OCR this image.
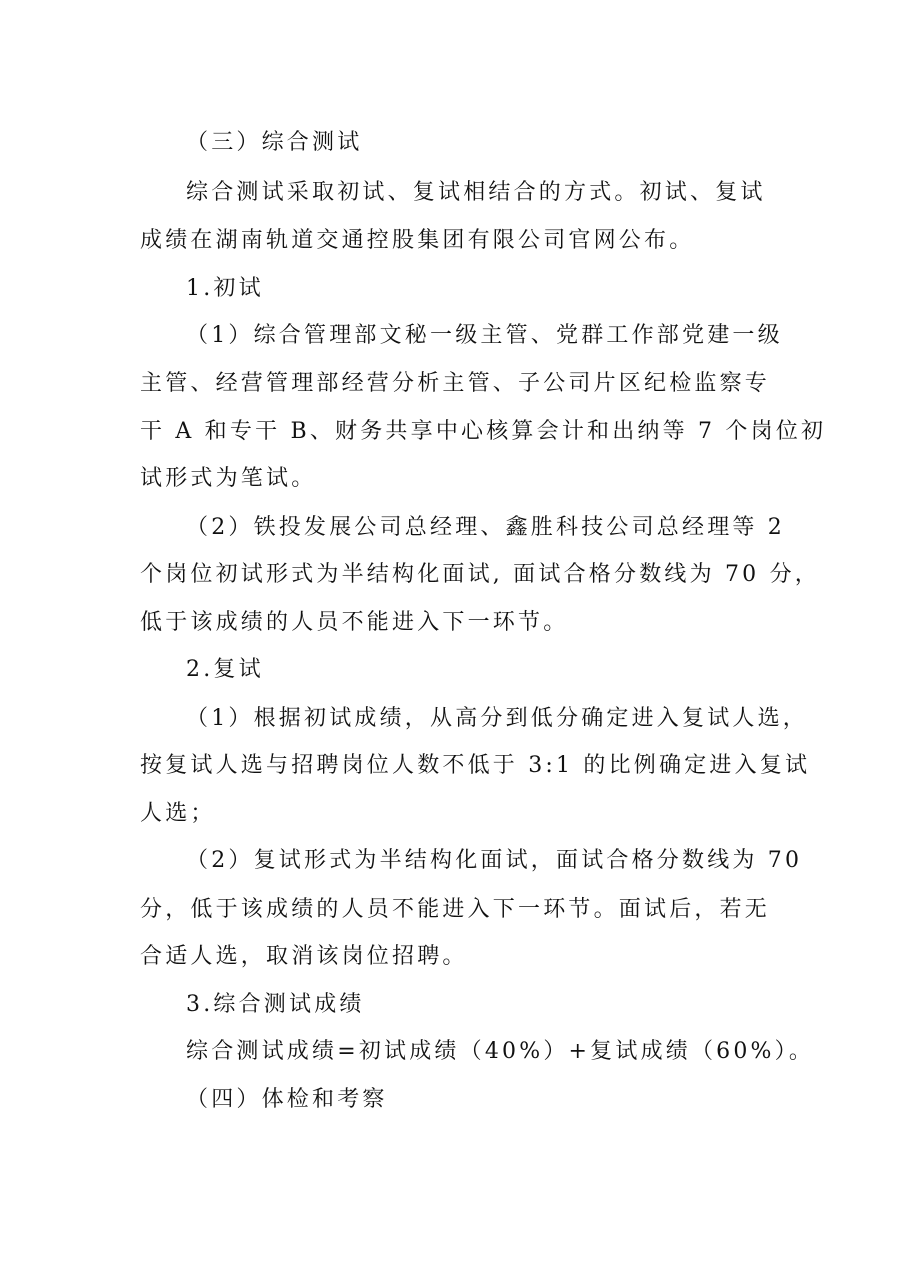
（三）综合测试
综合测试采取初试、复试相结合的方式。初试、复试
成绩在湖南轨道交通控股集团有限公司官网公布。
1.初试
（1）综合管理部文秘一级主管、党群工作部党建一级
主管、经营管理部经营分析主管、子公司片区纪检监察专
干 A 和专干 B、财务共享中心核算会计和出纳等 7 个岗位初
试形式为笔试。
（2）铁投发展公司总经理、鑫胜科技公司总经理等 2
个岗位初试形式为半结构化面试, 面试合格分数线为 70 分，
低于该成绩的人员不能进入下一环节。
2.复试
（1）根据初试成绩，从高分到低分确定进入复试人选，
按复试人选与招聘岗位人数不低于 3:1 的比例确定进入复试
人选；
（2）复试形式为半结构化面试，面试合格分数线为 70
分，低于该成绩的人员不能进入下一环节。面试后，若无
合适人选，取消该岗位招聘。
3.综合测试成绩
综合测试成绩=初试成绩（40%）+复试成绩（60%）。
（四）体检和考察
